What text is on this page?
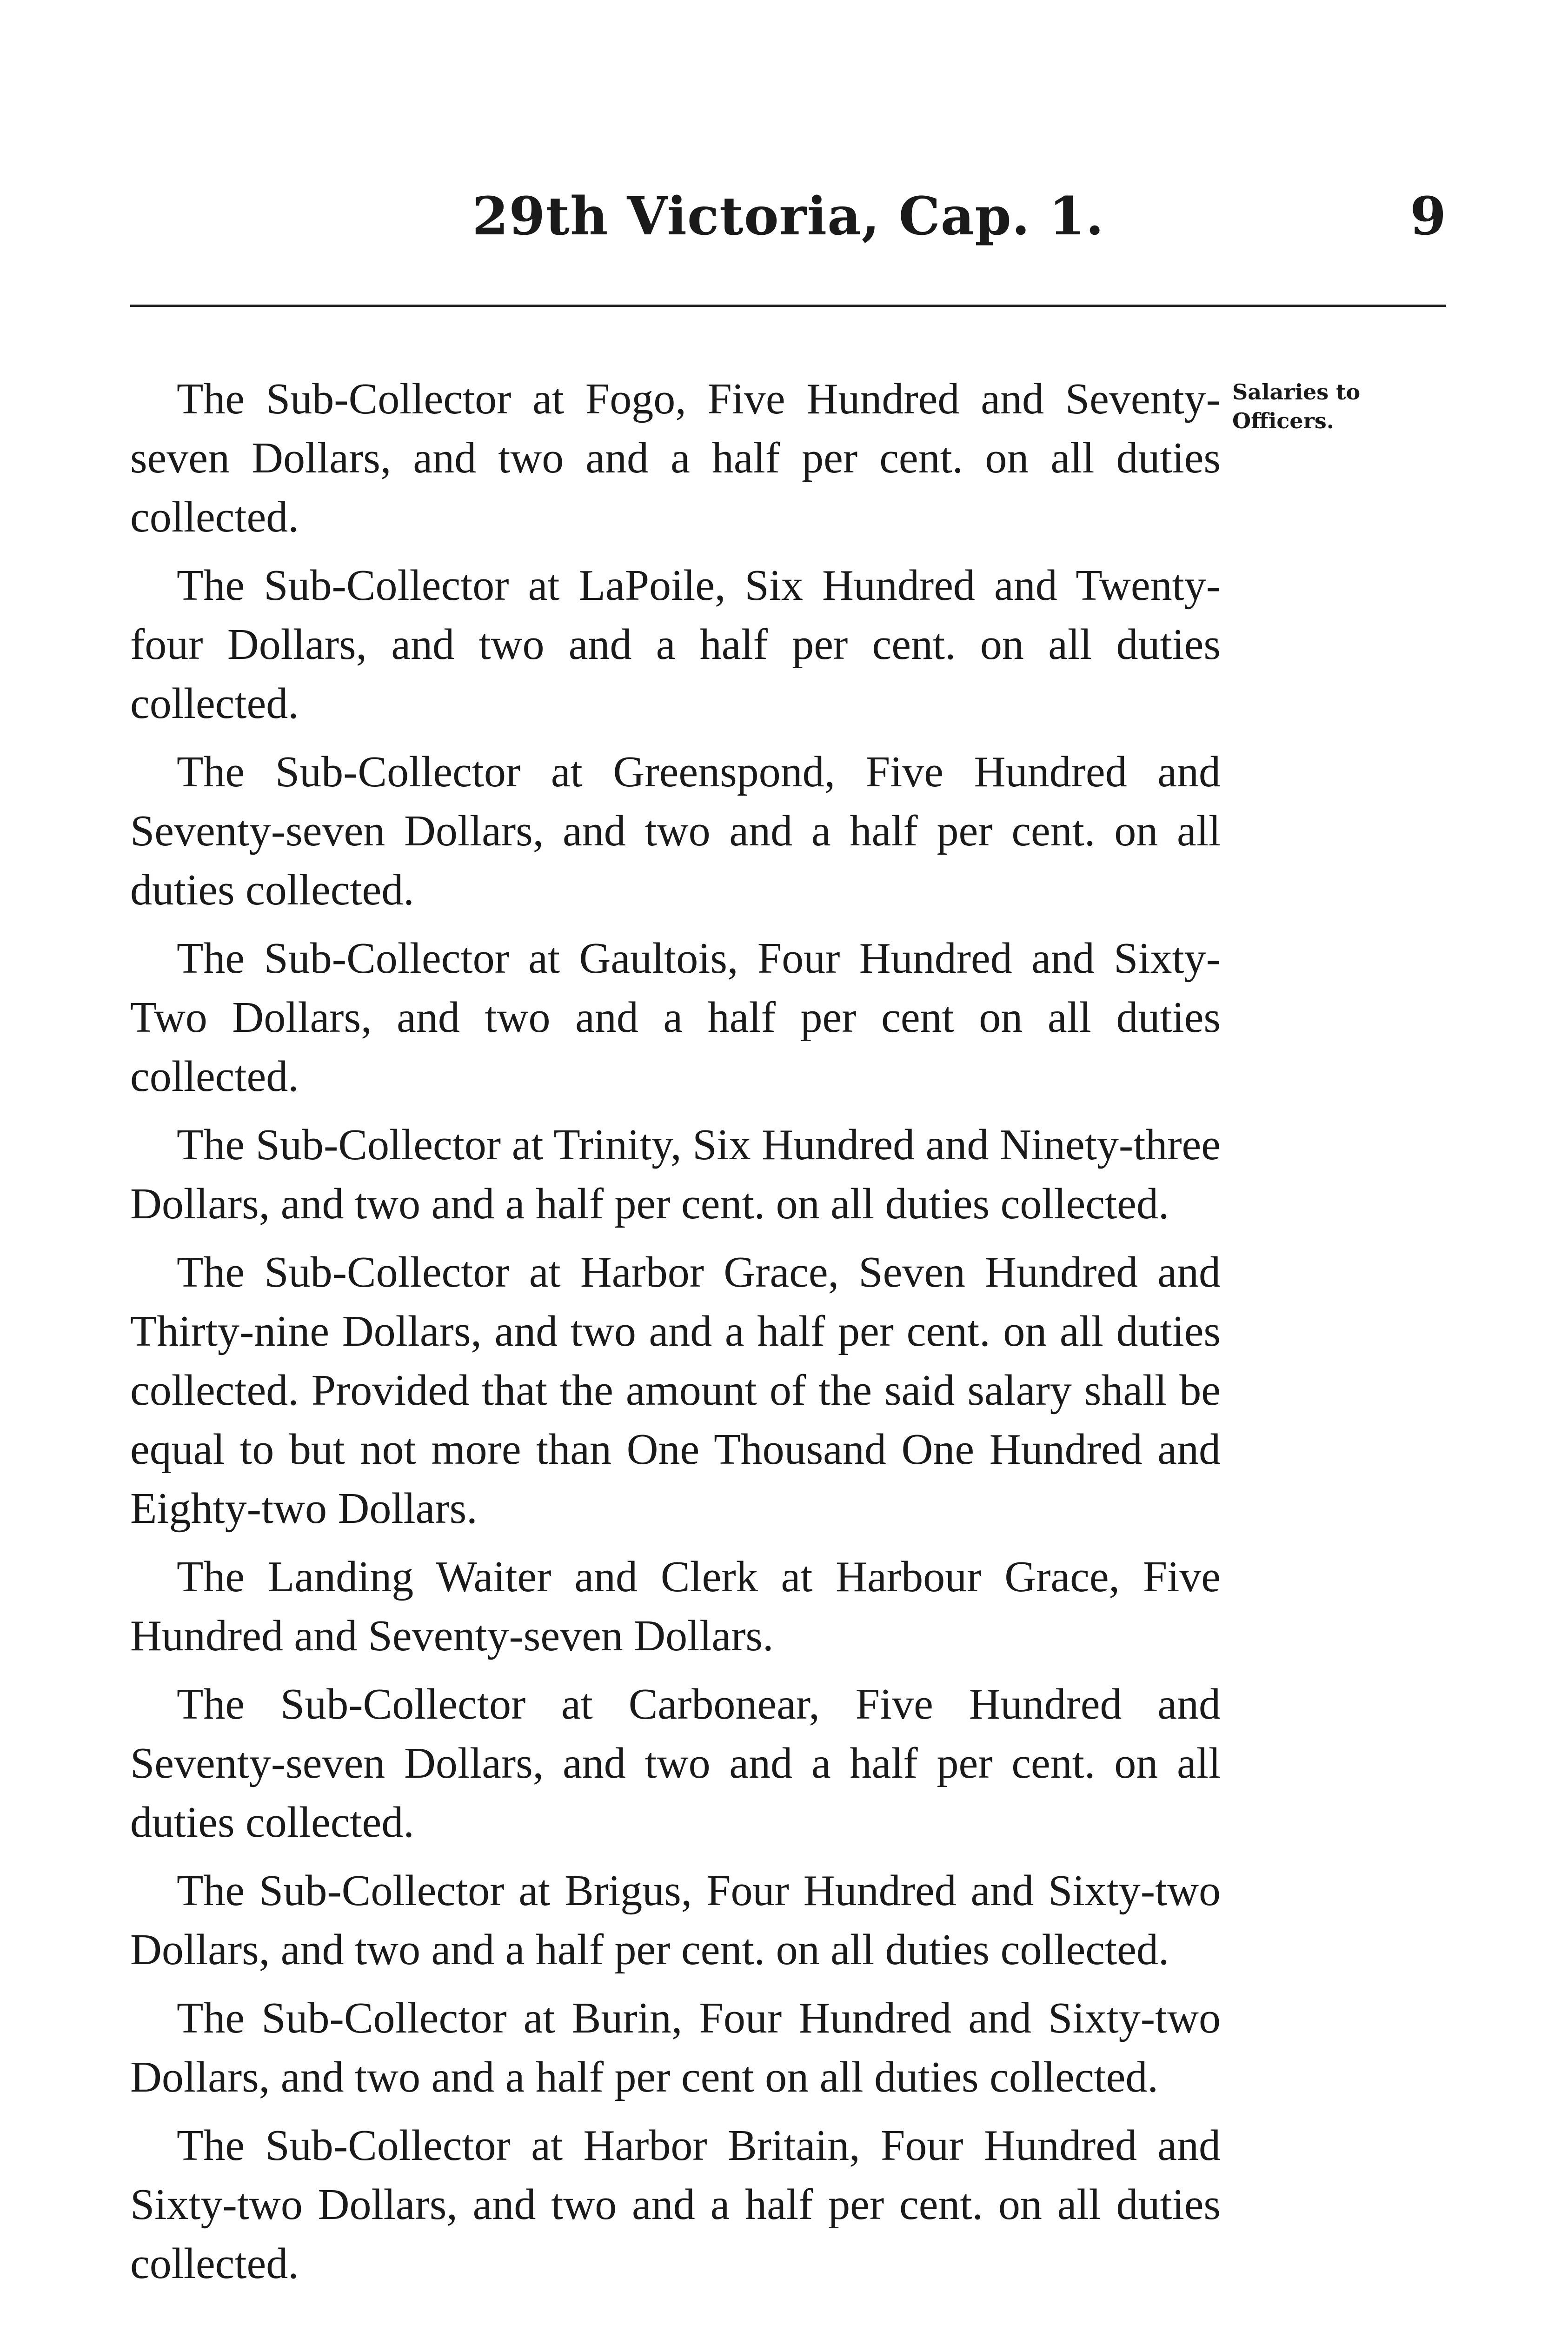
29th Victoria, Cap. 1.	9
Salaries to Officers.

The Sub-Collector at Fogo, Five Hundred and Seventy-seven Dollars, and two and a half per cent. on all duties collected.

The Sub-Collector at LaPoile, Six Hundred and Twenty-four Dollars, and two and a half per cent. on all duties collected.

The Sub-Collector at Greenspond, Five Hundred and Seventy-seven Dollars, and two and a half per cent. on all duties collected.

The Sub-Collector at Gaultois, Four Hundred and Sixty-Two Dollars, and two and a half per cent on all duties collected.

The Sub-Collector at Trinity, Six Hundred and Ninety-three Dollars, and two and a half per cent. on all duties collected.

The Sub-Collector at Harbor Grace, Seven Hundred and Thirty-nine Dollars, and two and a half per cent. on all duties collected. Provided that the amount of the said salary shall be equal to but not more than One Thousand One Hundred and Eighty-two Dollars.

The Landing Waiter and Clerk at Harbour Grace, Five Hundred and Seventy-seven Dollars.

The Sub-Collector at Carbonear, Five Hundred and Seventy-seven Dollars, and two and a half per cent. on all duties collected.

The Sub-Collector at Brigus, Four Hundred and Sixty-two Dollars, and two and a half per cent. on all duties collected.

The Sub-Collector at Burin, Four Hundred and Sixty-two Dollars, and two and a half per cent on all duties collected.

The Sub-Collector at Harbor Britain, Four Hundred and Sixty-two Dollars, and two and a half per cent. on all duties collected.
